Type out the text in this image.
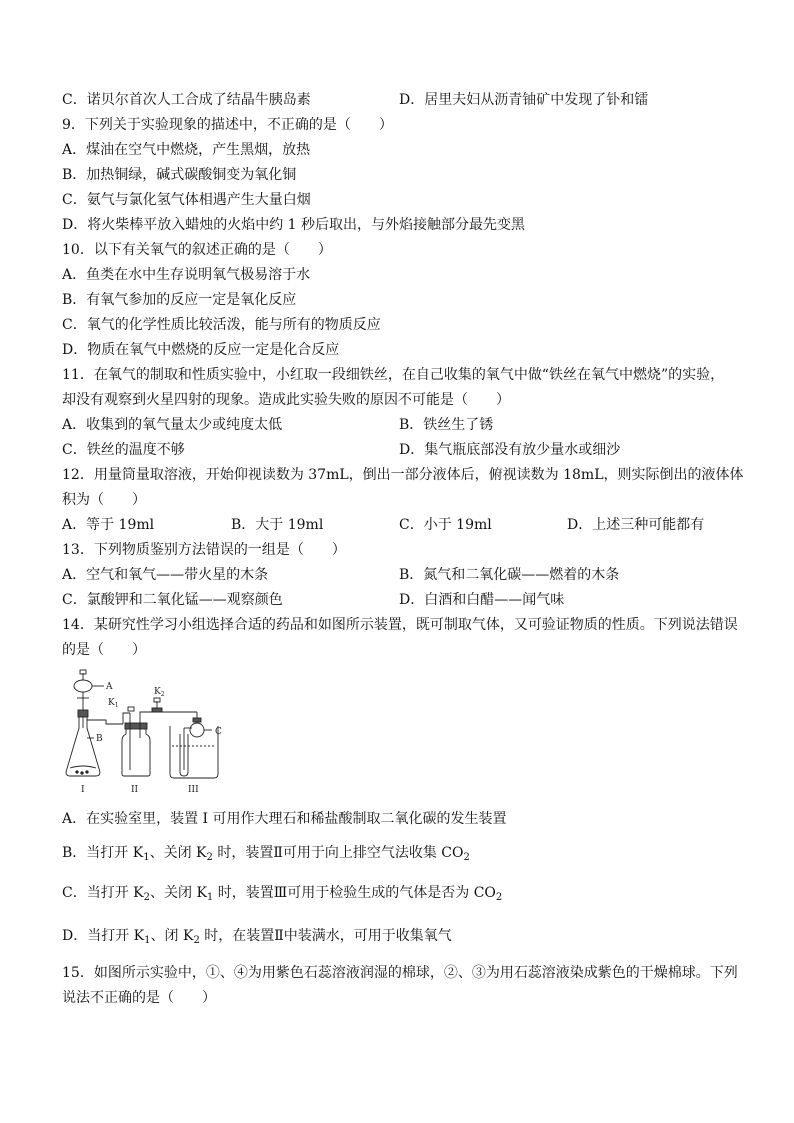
C．诺贝尔首次人工合成了结晶牛胰岛素	D．居里夫妇从沥青铀矿中发现了钋和镭
9．下列关于实验现象的描述中，不正确的是（　　）
A．煤油在空气中燃烧，产生黑烟，放热
B．加热铜绿，碱式碳酸铜变为氧化铜
C．氨气与氯化氢气体相遇产生大量白烟
D．将火柴棒平放入蜡烛的火焰中约 1 秒后取出，与外焰接触部分最先变黑
10．以下有关氧气的叙述正确的是（　　）
A．鱼类在水中生存说明氧气极易溶于水
B．有氧气参加的反应一定是氧化反应
C．氧气的化学性质比较活泼，能与所有的物质反应
D．物质在氧气中燃烧的反应一定是化合反应
11．在氧气的制取和性质实验中，小红取一段细铁丝，在自己收集的氧气中做“铁丝在氧气中燃烧”的实验，
却没有观察到火星四射的现象。造成此实验失败的原因不可能是（　　）
A．收集到的氧气量太少或纯度太低	B．铁丝生了锈
C．铁丝的温度不够	D．集气瓶底部没有放少量水或细沙
12．用量筒量取溶液，开始仰视读数为 37mL，倒出一部分液体后，俯视读数为 18mL，则实际倒出的液体体
积为（　　）
A．等于 19ml	B．大于 19ml	C．小于 19ml	D．上述三种可能都有
13．下列物质鉴别方法错误的一组是（　　）
A．空气和氧气——带火星的木条	B．氮气和二氧化碳——燃着的木条
C．氯酸钾和二氧化锰——观察颜色	D．白酒和白醋——闻气味
14．某研究性学习小组选择合适的药品和如图所示装置，既可制取气体，又可验证物质的性质。下列说法错误
的是（　　）
A
B
C
$K_1$
$K_2$
I	II	III
A．在实验室里，装置 I 可用作大理石和稀盐酸制取二氧化碳的发生装置
B．当打开 $K_1$、关闭 $K_2$ 时，装置Ⅱ可用于向上排空气法收集 $CO_2$
C．当打开 $K_2$、关闭 $K_1$ 时，装置Ⅲ可用于检验生成的气体是否为 $CO_2$
D．当打开 $K_1$、闭 $K_2$ 时，在装置Ⅱ中装满水，可用于收集氧气
15．如图所示实验中，①、④为用紫色石蕊溶液润湿的棉球，②、③为用石蕊溶液染成紫色的干燥棉球。下列
说法不正确的是（　　）
